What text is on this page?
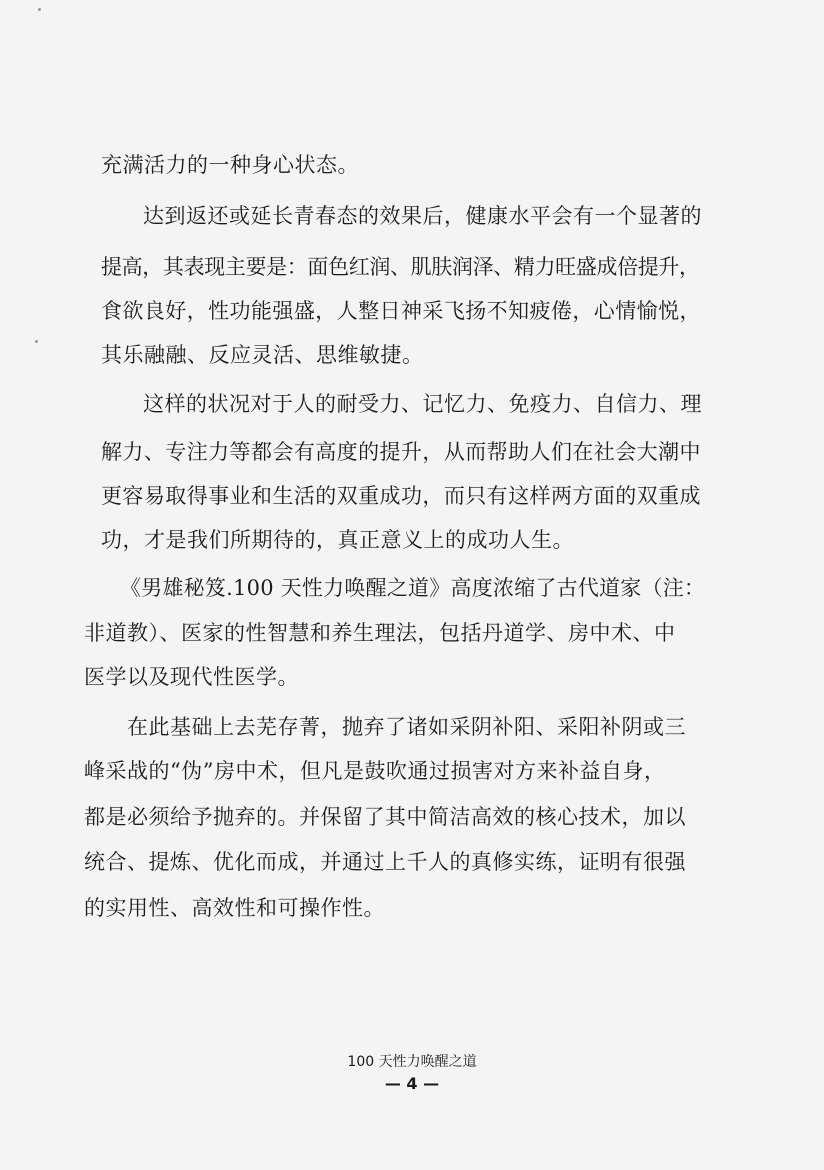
充满活力的一种身心状态。
达到返还或延长青春态的效果后，健康水平会有一个显著的
提高，其表现主要是：面色红润、肌肤润泽、精力旺盛成倍提升，
食欲良好，性功能强盛，人整日神采飞扬不知疲倦，心情愉悦，
其乐融融、反应灵活、思维敏捷。
这样的状况对于人的耐受力、记忆力、免疫力、自信力、理
解力、专注力等都会有高度的提升，从而帮助人们在社会大潮中
更容易取得事业和生活的双重成功，而只有这样两方面的双重成
功，才是我们所期待的，真正意义上的成功人生。
《男雄秘笈.100 天性力唤醒之道》高度浓缩了古代道家（注：
非道教）、医家的性智慧和养生理法，包括丹道学、房中术、中
医学以及现代性医学。
在此基础上去芜存菁，抛弃了诸如采阴补阳、采阳补阴或三
峰采战的“伪”房中术，但凡是鼓吹通过损害对方来补益自身，
都是必须给予抛弃的。并保留了其中简洁高效的核心技术，加以
统合、提炼、优化而成，并通过上千人的真修实练，证明有很强
的实用性、高效性和可操作性。
100 天性力唤醒之道
— 4 —
